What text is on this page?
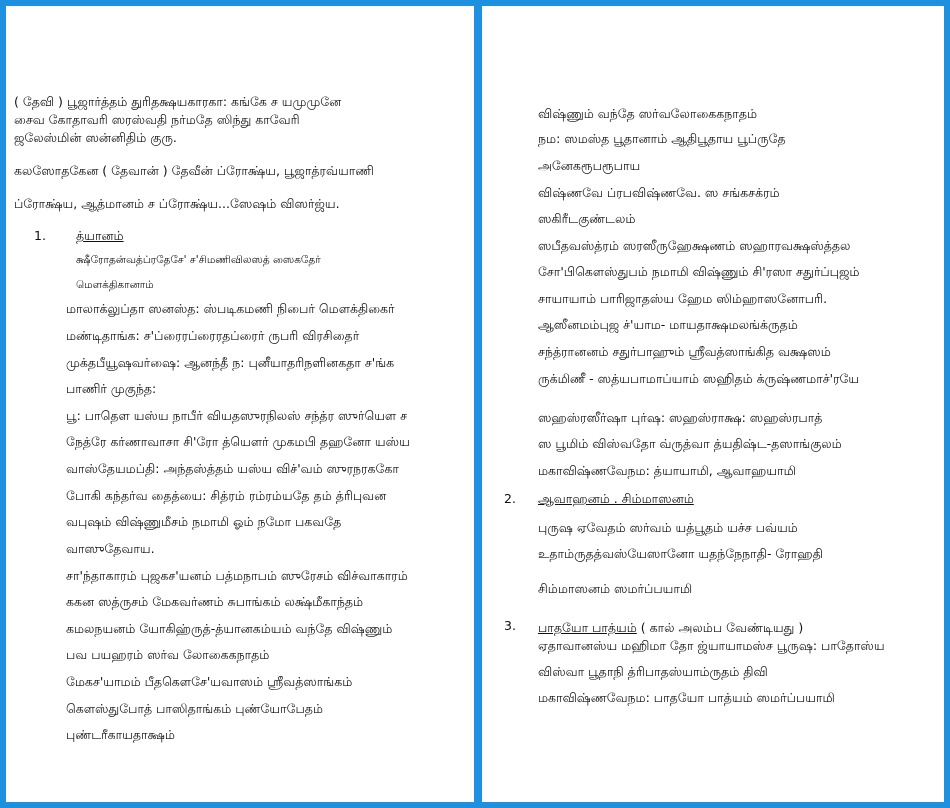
( தேவி ) பூஜார்த்தம் துரிதக்ஷயகாரகா: கங்கே ச யமுமுனே
சைவ கோதாவரி ஸரஸ்வதி நர்மதே ஸிந்து காவேரி
ஜலேஸ்மின் ஸன்னிதிம் குரு.
கலஸோதகேன ( தேவான் ) தேவீன் ப்ரோக்ஷ்ய, பூஜாத்ரவ்யாணி
ப்ரோக்ஷ்ய, ஆத்மானம் ச ப்ரோக்ஷ்ய...ஸேஷம் விஸர்ஜ்ய.
1. த்யானம்
க்ஷீரோதன்வத்ப்ரதேசே' ச'சிமணிவிலஸத் ஸைகதேர்
மௌக்திகானாம்
மாலாக்லுப்தா ஸனஸ்த: ஸ்படிகமணி நிபைர் மௌக்திகைர்
மண்டிதாங்க: ச'ப்ரைரப்ரைரதப்ரைர் ருபரி விரசிதைர்
முக்தபீயூஷவர்ஷை: ஆனந்தீ ந: புனீயாதரிநளினகதா ச'ங்க
பாணிர் முகுந்த:
பூ: பாதௌ யஸ்ய நாபீர் வியதஸுரநிலஸ் சந்த்ர ஸுர்யௌ ச
நேத்ரே கர்ணாவாசா சி'ரோ த்யௌர் முகமபி தஹனோ யஸ்ய
வாஸ்தேயமப்தி: அந்தஸ்த்தம் யஸ்ய விச்'வம் ஸுரநரககோ
போகி கந்தர்வ தைத்யை: சித்ரம் ரம்ரம்யதே தம் த்ரிபுவன
வபுஷம் விஷ்ணுமீசம் நமாமி ஓம் நமோ பகவதே
வாஸுதேவாய.
சா'ந்தாகாரம் புஜகச'யனம் பத்மநாபம் ஸுரேசம் விச்வாகாரம்
ககன ஸத்ருசம் மேகவர்ணம் சுபாங்கம் லக்ஷ்மீகாந்தம்
கமலநயனம் யோகிஹ்ருத்-த்யானகம்யம் வந்தே விஷ்ணும்
பவ பயஹரம் ஸர்வ லோகைகநாதம்
மேகச'யாமம் பீதகௌசே'யவாஸம் ஸ்ரீவத்ஸாங்கம்
கௌஸ்துபோத் பாஸிதாங்கம் புண்யோபேதம்
புண்டரீகாயதாக்ஷம்
விஷ்ணும் வந்தே ஸர்வலோகைகநாதம்
நம: ஸமஸ்த பூதானாம் ஆதிபூதாய பூப்ருதே
அனேகரூபரூபாய
விஷ்ணவே ப்ரபவிஷ்ணவே. ஸ சங்கசக்ரம்
ஸகிரீடகுண்டலம்
ஸபீதவஸ்த்ரம் ஸரஸீருஹேக்ஷணம் ஸஹாரவக்ஷஸ்த்தல
சோ'பிகௌஸ்துபம் நமாமி விஷ்ணும் சி'ரஸா சதுர்ப்புஜம்
சாயாயாம் பாரிஜாதஸ்ய ஹேம ஸிம்ஹாஸனோபரி.
ஆஸீனமம்புஜ ச்'யாம- மாயதாக்ஷமலங்க்ருதம்
சந்த்ரானனம் சதுர்பாஹும் ஸ்ரீவத்ஸாங்கித வக்ஷஸம்
ருக்மிணீ - ஸத்யபாமாப்யாம் ஸஹிதம் க்ருஷ்ணமாச்'ரயே
ஸஹஸ்ரஸீர்ஷா புர்ஷ: ஸஹஸ்ராக்ஷ: ஸஹஸ்ரபாத்
ஸ பூமிம் விஸ்வதோ வ்ருத்வா த்யதிஷ்ட-தஸாங்குலம்
மகாவிஷ்ணவேநம: த்யாயாமி, ஆவாஹயாமி
2. ஆவாஹனம் . சிம்மாஸனம்
புருஷ ஏவேதம் ஸர்வம் யத்பூதம் யச்ச பவ்யம்
உதாம்ருதத்வஸ்யேஸானோ யதந்நேநாதி- ரோஹதி
சிம்மாஸனம் ஸமர்ப்பயாமி
3. பாதயோ பாத்யம் ( கால் அலம்ப வேண்டியது )
ஏதாவானஸ்ய மஹிமா தோ ஜ்யாயாமஸ்ச பூருஷ: பாதோஸ்ய
விஸ்வா பூதாநி த்ரிபாதஸ்யாம்ருதம் திவி
மகாவிஷ்ணவேநம: பாதயோ பாத்யம் ஸமர்ப்பயாமி
